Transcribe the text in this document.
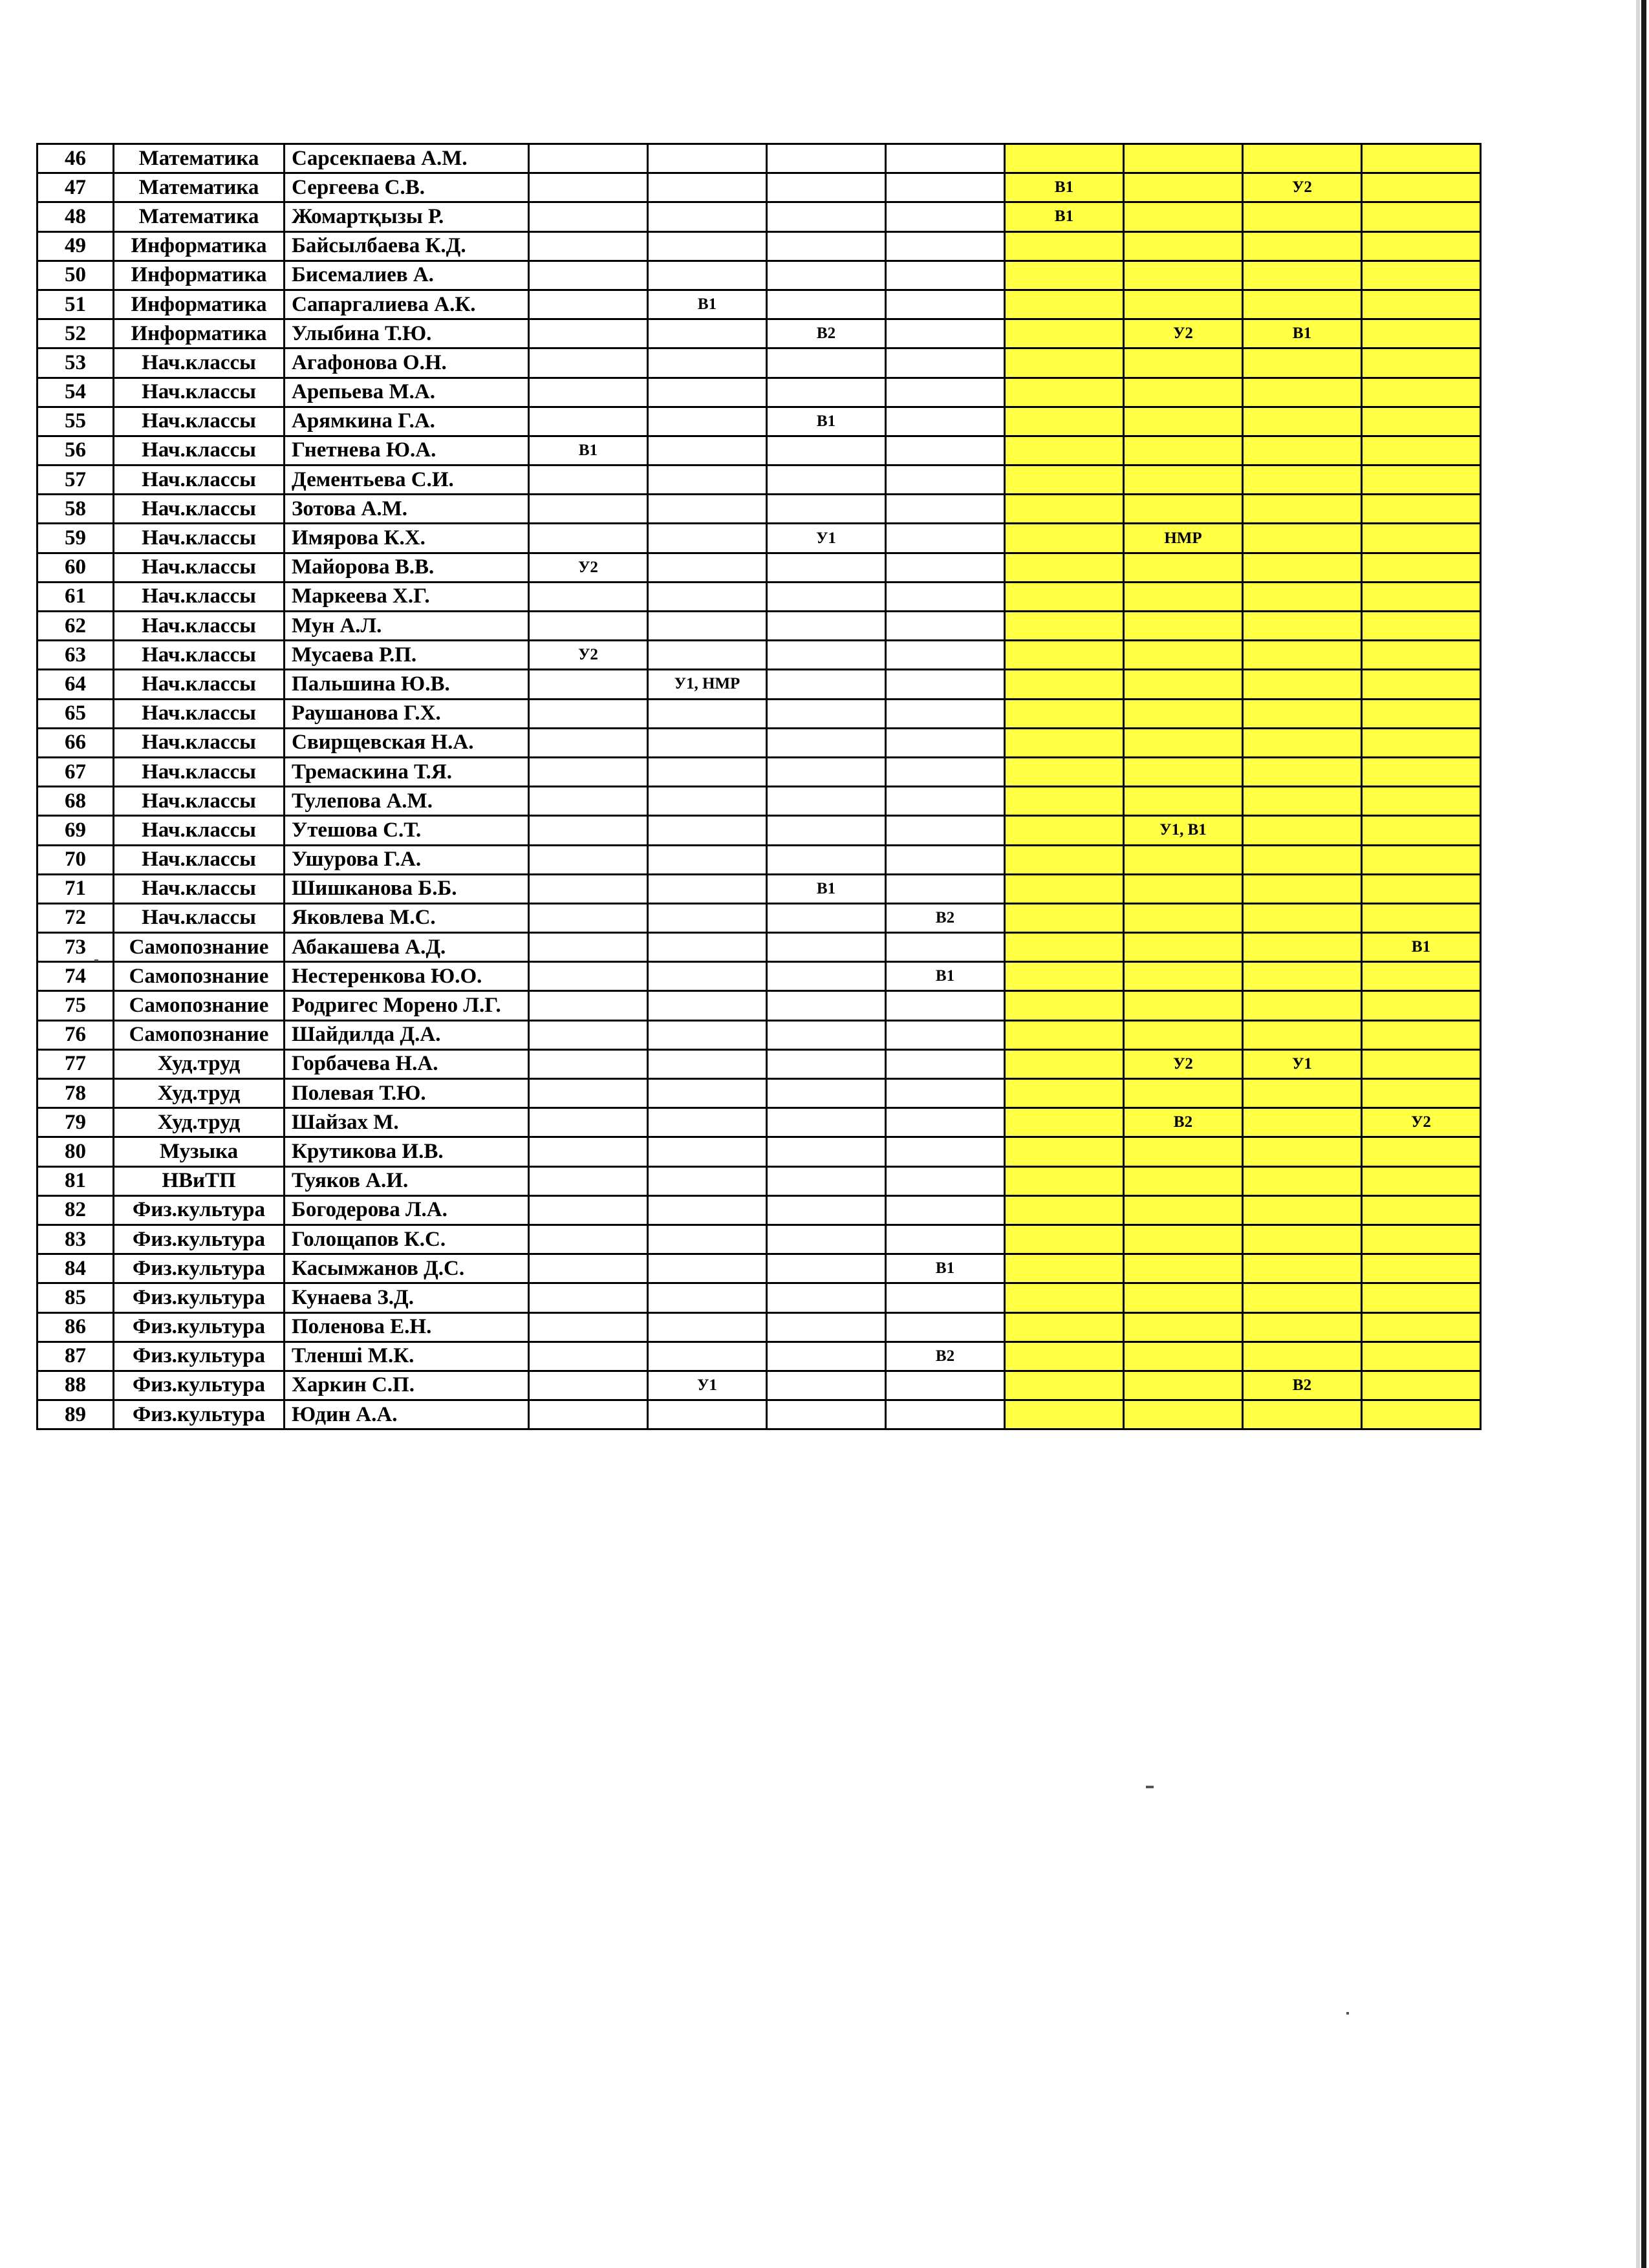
46	Математика	Сарсекпаева А.М.								
47	Математика	Сергеева С.В.					В1		У2	
48	Математика	Жомартқызы Р.					В1			
49	Информатика	Байсылбаева К.Д.								
50	Информатика	Бисемалиев А.								
51	Информатика	Сапаргалиева А.К.		В1						
52	Информатика	Улыбина Т.Ю.			В2			У2	В1	
53	Нач.классы	Агафонова О.Н.								
54	Нач.классы	Арепьева М.А.								
55	Нач.классы	Арямкина Г.А.			В1					
56	Нач.классы	Гнетнева Ю.А.	В1							
57	Нач.классы	Дементьева С.И.								
58	Нач.классы	Зотова А.М.								
59	Нач.классы	Имярова К.Х.			У1			НМР		
60	Нач.классы	Майорова В.В.	У2							
61	Нач.классы	Маркеева Х.Г.								
62	Нач.классы	Мун А.Л.								
63	Нач.классы	Мусаева Р.П.	У2							
64	Нач.классы	Пальшина Ю.В.		У1, НМР						
65	Нач.классы	Раушанова Г.Х.								
66	Нач.классы	Свирщевская Н.А.								
67	Нач.классы	Тремаскина Т.Я.								
68	Нач.классы	Тулепова А.М.								
69	Нач.классы	Утешова С.Т.						У1, В1		
70	Нач.классы	Ушурова Г.А.								
71	Нач.классы	Шишканова Б.Б.			В1					
72	Нач.классы	Яковлева М.С.				В2				
73	Самопознание	Абакашева А.Д.								В1
74	Самопознание	Нестеренкова Ю.О.				В1				
75	Самопознание	Родригес Морено Л.Г.								
76	Самопознание	Шайдилда Д.А.								
77	Худ.труд	Горбачева Н.А.						У2	У1	
78	Худ.труд	Полевая Т.Ю.								
79	Худ.труд	Шайзах М.						В2		У2
80	Музыка	Крутикова И.В.								
81	НВиТП	Туяков А.И.								
82	Физ.культура	Богодерова Л.А.								
83	Физ.культура	Голощапов К.С.								
84	Физ.культура	Касымжанов Д.С.				В1				
85	Физ.культура	Кунаева З.Д.								
86	Физ.культура	Поленова Е.Н.								
87	Физ.культура	Тленші М.К.				В2				
88	Физ.культура	Харкин С.П.		У1					В2	
89	Физ.культура	Юдин А.А.								
